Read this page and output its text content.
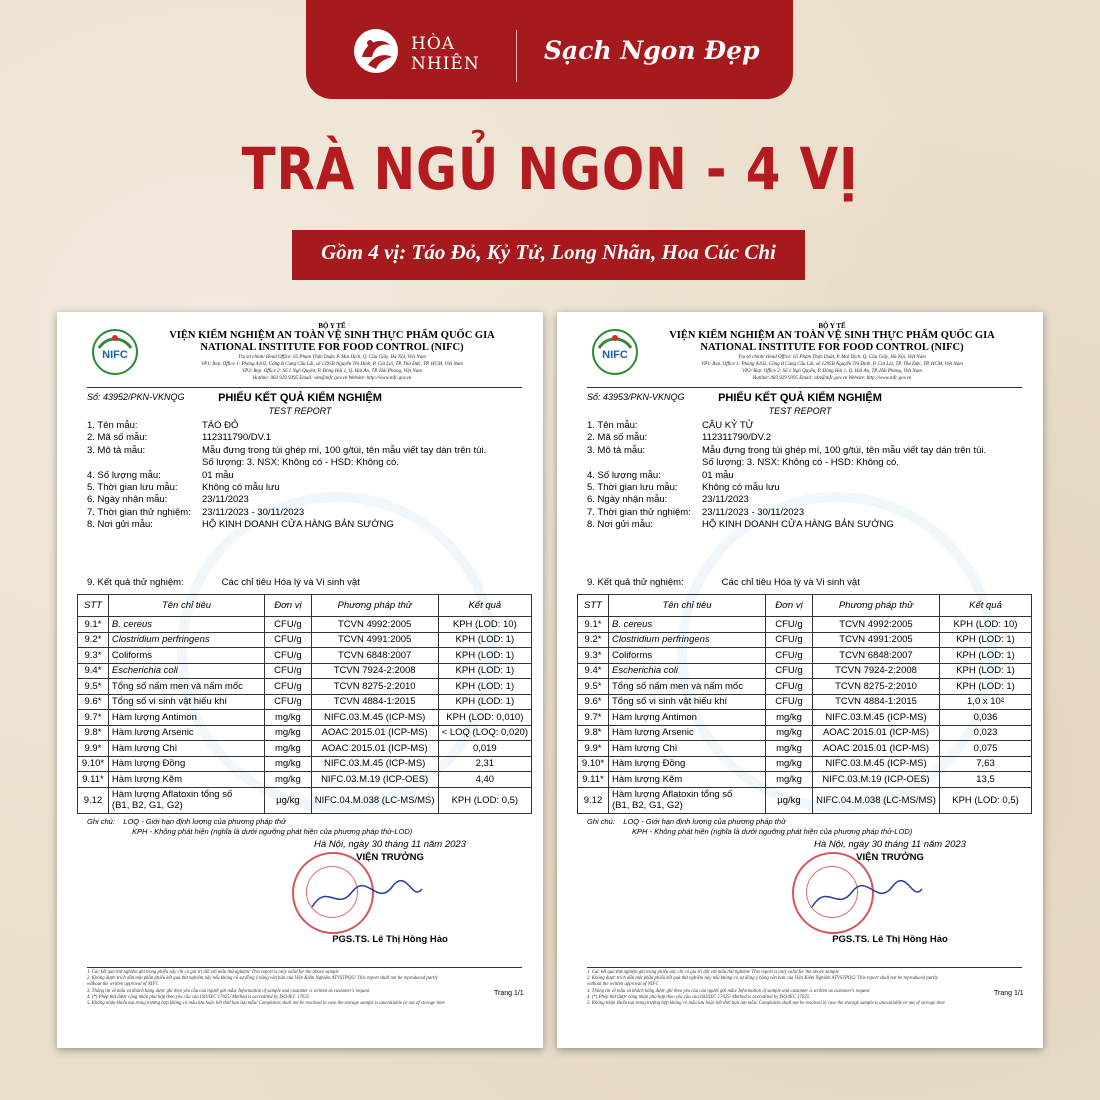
HÒA
NHIÊN	Sạch Ngon Đẹp
TRÀ NGỦ NGON - 4 VỊ
Gồm 4 vị: Táo Đỏ, Kỷ Tử, Long Nhãn, Hoa Cúc Chi
NIFC
BỘ Y TẾ
VIỆN KIỂM NGHIỆM AN TOÀN VỆ SINH THỰC PHẨM QUỐC GIA
NATIONAL INSTITUTE FOR FOOD CONTROL (NIFC)
Trụ sở chính/ Head Office: 65 Phạm Thận Duật, P. Mai Dịch, Q. Cầu Giấy, Hà Nội, Việt Nam
VP1/ Rep. Office 1: Phòng A102, Cổng B Cung Cấu Lãi, số 1295B Nguyễn Thị Định, P. Cát Lái, TP. Thủ Đức, TP. HCM, Việt Nam
VP2/ Rep. Office 2: Số 1 Ngô Quyền, P. Đông Hải 1, Q. Hải An, TP. Hải Phòng, Việt Nam
Hotline: 083 929 9395 Email: vkn@nifc.gov.vn Website: http://www.nifc.gov.vn
Số: 43952/PKN-VKNQG	PHIẾU KẾT QUẢ KIỂM NGHIỆM
TEST REPORT
1. Tên mẫu:	TÁO ĐỎ
2. Mã số mẫu:	112311790/DV.1
3. Mô tả mẫu:	Mẫu đựng trong túi ghép mí, 100 g/túi, tên mẫu viết tay dán trên túi.
Số lượng: 3. NSX: Không có - HSD: Không có.
4. Số lượng mẫu:	01 mẫu
5. Thời gian lưu mẫu:	Không có mẫu lưu
6. Ngày nhận mẫu:	23/11/2023
7. Thời gian thử nghiệm:	23/11/2023 - 30/11/2023
8. Nơi gửi mẫu:	HỘ KINH DOANH CỬA HÀNG BẢN SƯỚNG
9. Kết quả thử nghiệm:	Các chỉ tiêu Hóa lý và Vi sinh vật
STT	Tên chỉ tiêu	Đơn vị	Phương pháp thử	Kết quả
9.1*	B. cereus	CFU/g	TCVN 4992:2005	KPH (LOD: 10)
9.2*	Clostridium perfringens	CFU/g	TCVN 4991:2005	KPH (LOD: 1)
9.3*	Coliforms	CFU/g	TCVN 6848:2007	KPH (LOD: 1)
9.4*	Escherichia coli	CFU/g	TCVN 7924-2:2008	KPH (LOD: 1)
9.5*	Tổng số nấm men và nấm mốc	CFU/g	TCVN 8275-2:2010	KPH (LOD: 1)
9.6*	Tổng số vi sinh vật hiếu khí	CFU/g	TCVN 4884-1:2015	KPH (LOD: 1)
9.7*	Hàm lượng Antimon	mg/kg	NIFC.03.M.45 (ICP-MS)	KPH (LOD: 0,010)
9.8*	Hàm lượng Arsenic	mg/kg	AOAC 2015.01 (ICP-MS)	< LOQ (LOQ: 0,020)
9.9*	Hàm lượng Chì	mg/kg	AOAC 2015.01 (ICP-MS)	0,019
9.10*	Hàm lượng Đồng	mg/kg	NIFC.03.M.45 (ICP-MS)	2,31
9.11*	Hàm lượng Kẽm	mg/kg	NIFC.03.M.19 (ICP-OES)	4,40
9.12	Hàm lượng Aflatoxin tổng số
(B1, B2, G1, G2)	µg/kg	NIFC.04.M.038 (LC-MS/MS)	KPH (LOD: 0,5)
Ghi chú: LOQ - Giới hạn định lượng của phương pháp thử
KPH - Không phát hiện (nghĩa là dưới ngưỡng phát hiện của phương pháp thử-LOD)
Hà Nội, ngày 30 tháng 11 năm 2023
VIỆN TRƯỞNG
PGS.TS. Lê Thị Hồng Hảo
1. Các kết quả thử nghiệm ghi trong phiếu này chỉ có giá trị đối với mẫu thử nghiệm/ This report is only valid for the above sample
2. Không được trích dẫn một phần phiếu kết quả thử nghiệm này nếu không có sự đồng ý bằng văn bản của Viện Kiểm Nghiệm ATVSTPQG/ This report shall not be reproduced partly without the written approval of NIFC
3. Thông tin về mẫu và khách hàng được ghi theo yêu cầu của người gửi mẫu/ Information of sample and customer is written as customer's request
4. (*) Phép thử được công nhận phù hợp theo yêu cầu của ISO/IEC 17025/ Method is accredited by ISO/IEC 17025
5. Không nhận khiếu nại trong trường hợp không có mẫu lưu hoặc hết thời hạn lưu mẫu/ Complaints shall not be resolved in case the storage sample is unavailable or out of storage time
Trang 1/1
NIFC
BỘ Y TẾ
VIỆN KIỂM NGHIỆM AN TOÀN VỆ SINH THỰC PHẨM QUỐC GIA
NATIONAL INSTITUTE FOR FOOD CONTROL (NIFC)
Trụ sở chính/ Head Office: 65 Phạm Thận Duật, P. Mai Dịch, Q. Cầu Giấy, Hà Nội, Việt Nam
VP1/ Rep. Office 1: Phòng A102, Cổng B Cung Cấu Lãi, số 1295B Nguyễn Thị Định, P. Cát Lái, TP. Thủ Đức, TP. HCM, Việt Nam
VP2/ Rep. Office 2: Số 1 Ngô Quyền, P. Đông Hải 1, Q. Hải An, TP. Hải Phòng, Việt Nam
Hotline: 083 929 9395 Email: vkn@nifc.gov.vn Website: http://www.nifc.gov.vn
Số: 43953/PKN-VKNQG	PHIẾU KẾT QUẢ KIỂM NGHIỆM
TEST REPORT
1. Tên mẫu:	CÂU KỶ TỬ
2. Mã số mẫu:	112311790/DV.2
3. Mô tả mẫu:	Mẫu đựng trong túi ghép mí, 100 g/túi, tên mẫu viết tay dán trên túi.
Số lượng: 3. NSX: Không có - HSD: Không có.
4. Số lượng mẫu:	01 mẫu
5. Thời gian lưu mẫu:	Không có mẫu lưu
6. Ngày nhận mẫu:	23/11/2023
7. Thời gian thử nghiệm:	23/11/2023 - 30/11/2023
8. Nơi gửi mẫu:	HỘ KINH DOANH CỬA HÀNG BẢN SƯỚNG
9. Kết quả thử nghiệm:	Các chỉ tiêu Hóa lý và Vi sinh vật
STT	Tên chỉ tiêu	Đơn vị	Phương pháp thử	Kết quả
9.1*	B. cereus	CFU/g	TCVN 4992:2005	KPH (LOD: 10)
9.2*	Clostridium perfringens	CFU/g	TCVN 4991:2005	KPH (LOD: 1)
9.3*	Coliforms	CFU/g	TCVN 6848:2007	KPH (LOD: 1)
9.4*	Escherichia coli	CFU/g	TCVN 7924-2:2008	KPH (LOD: 1)
9.5*	Tổng số nấm men và nấm mốc	CFU/g	TCVN 8275-2:2010	KPH (LOD: 1)
9.6*	Tổng số vi sinh vật hiếu khí	CFU/g	TCVN 4884-1:2015	1,0 x 10²
9.7*	Hàm lượng Antimon	mg/kg	NIFC.03.M.45 (ICP-MS)	0,036
9.8*	Hàm lượng Arsenic	mg/kg	AOAC 2015.01 (ICP-MS)	0,023
9.9*	Hàm lượng Chì	mg/kg	AOAC 2015.01 (ICP-MS)	0,075
9.10*	Hàm lượng Đồng	mg/kg	NIFC.03.M.45 (ICP-MS)	7,63
9.11*	Hàm lượng Kẽm	mg/kg	NIFC.03.M.19 (ICP-OES)	13,5
9.12	Hàm lượng Aflatoxin tổng số
(B1, B2, G1, G2)	µg/kg	NIFC.04.M.038 (LC-MS/MS)	KPH (LOD: 0,5)
Ghi chú: LOQ - Giới hạn định lượng của phương pháp thử
KPH - Không phát hiện (nghĩa là dưới ngưỡng phát hiện của phương pháp thử-LOD)
Hà Nội, ngày 30 tháng 11 năm 2023
VIỆN TRƯỞNG
PGS.TS. Lê Thị Hồng Hảo
1. Các kết quả thử nghiệm ghi trong phiếu này chỉ có giá trị đối với mẫu thử nghiệm/ This report is only valid for the above sample
2. Không được trích dẫn một phần phiếu kết quả thử nghiệm này nếu không có sự đồng ý bằng văn bản của Viện Kiểm Nghiệm ATVSTPQG/ This report shall not be reproduced partly without the written approval of NIFC
3. Thông tin về mẫu và khách hàng được ghi theo yêu cầu của người gửi mẫu/ Information of sample and customer is written as customer's request
4. (*) Phép thử được công nhận phù hợp theo yêu cầu của ISO/IEC 17025/ Method is accredited by ISO/IEC 17025
5. Không nhận khiếu nại trong trường hợp không có mẫu lưu hoặc hết thời hạn lưu mẫu/ Complaints shall not be resolved in case the storage sample is unavailable or out of storage time
Trang 1/1
